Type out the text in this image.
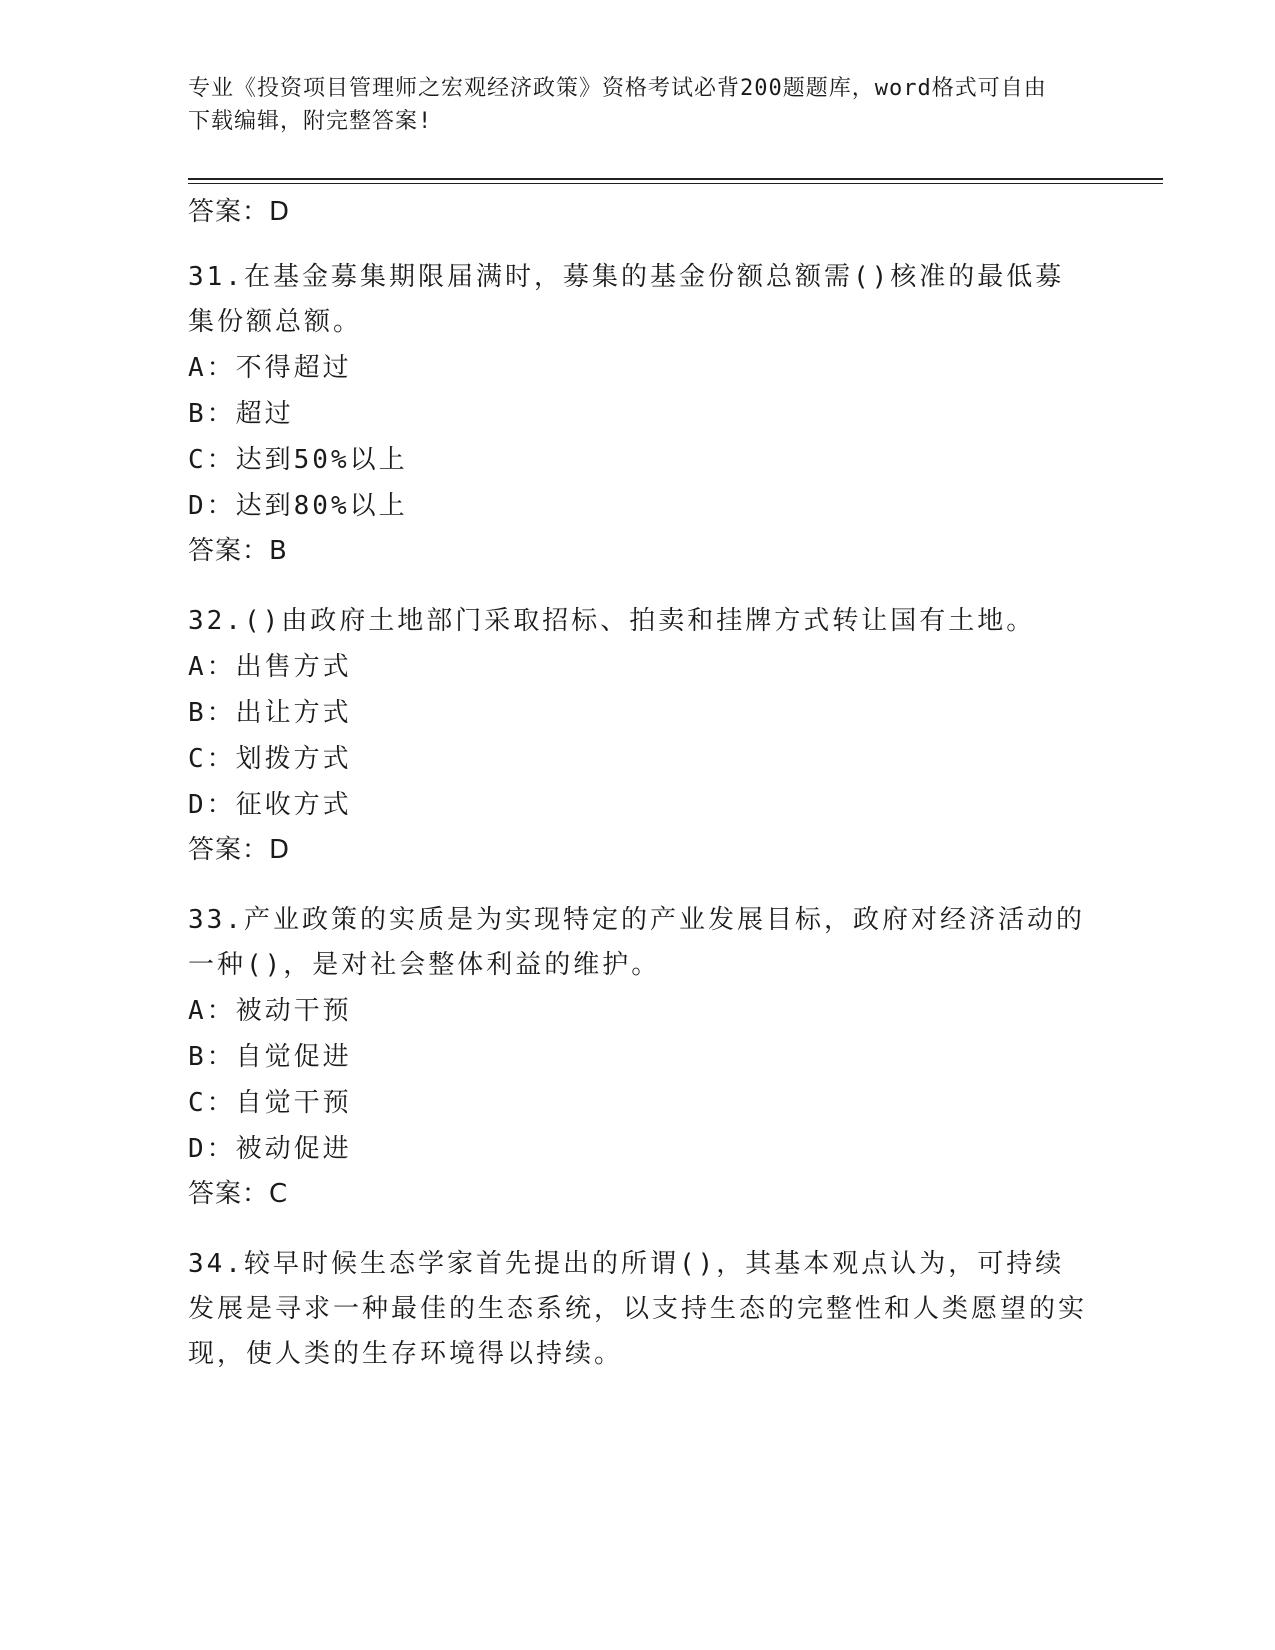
专业《投资项目管理师之宏观经济政策》资格考试必背200题题库，word格式可自由下载编辑，附完整答案!
答案：D
31.在基金募集期限届满时，募集的基金份额总额需()核准的最低募集份额总额。
A：不得超过
B：超过
C：达到50%以上
D：达到80%以上
答案：B
32.()由政府土地部门采取招标、拍卖和挂牌方式转让国有土地。
A：出售方式
B：出让方式
C：划拨方式
D：征收方式
答案：D
33.产业政策的实质是为实现特定的产业发展目标，政府对经济活动的一种()，是对社会整体利益的维护。
A：被动干预
B：自觉促进
C：自觉干预
D：被动促进
答案：C
34.较早时候生态学家首先提出的所谓()，其基本观点认为，可持续发展是寻求一种最佳的生态系统，以支持生态的完整性和人类愿望的实现，使人类的生存环境得以持续。
